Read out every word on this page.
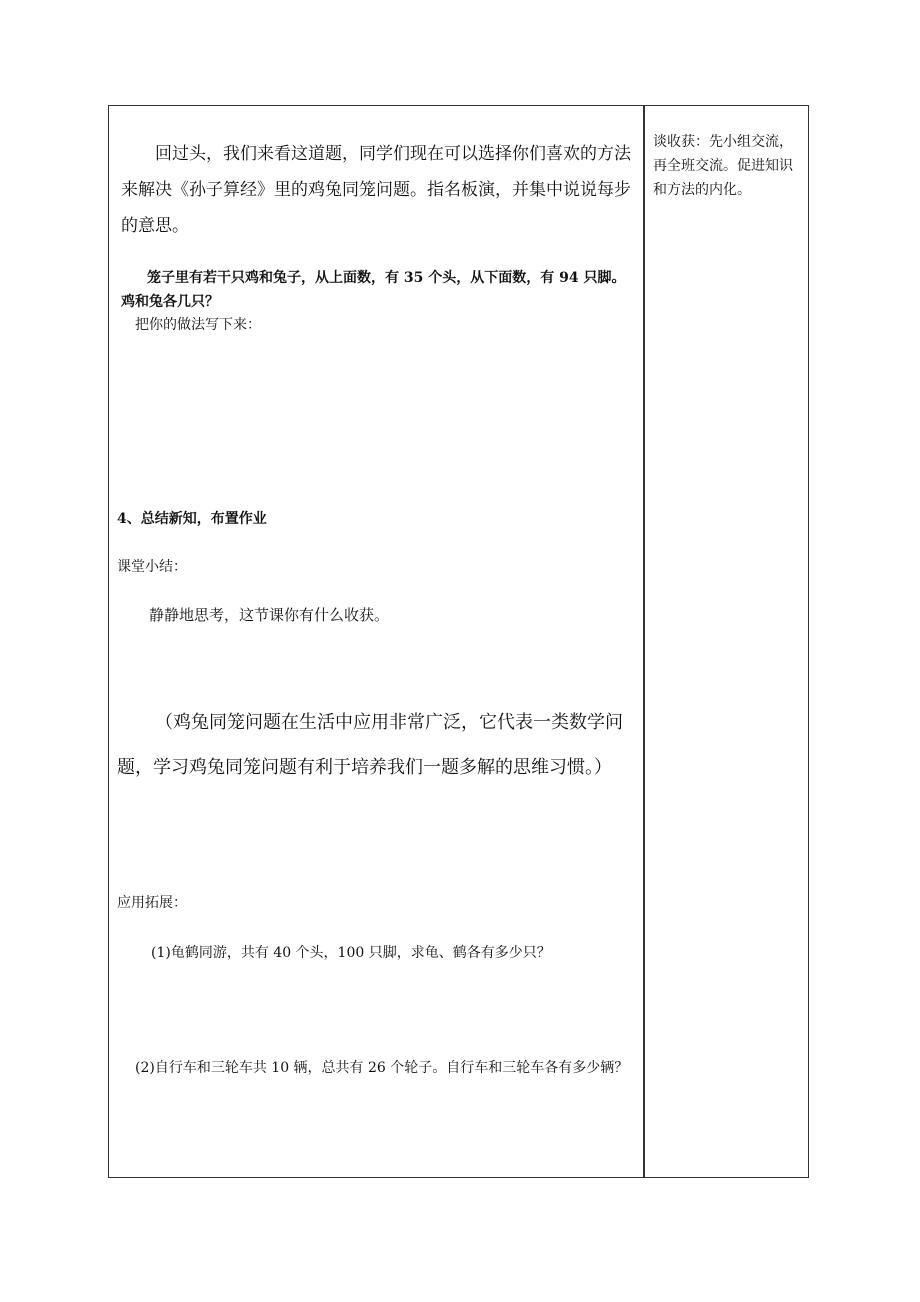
回过头，我们来看这道题，同学们现在可以选择你们喜欢的方法来解决《孙子算经》里的鸡兔同笼问题。指名板演，并集中说说每步的意思。
笼子里有若干只鸡和兔子，从上面数，有 35 个头，从下面数，有 94 只脚。鸡和兔各几只？
把你的做法写下来：
4、总结新知，布置作业
课堂小结：
静静地思考，这节课你有什么收获。
（鸡兔同笼问题在生活中应用非常广泛，它代表一类数学问题，学习鸡兔同笼问题有利于培养我们一题多解的思维习惯。）
应用拓展：
(1)龟鹤同游，共有 40 个头，100 只脚，求龟、鹤各有多少只？
(2)自行车和三轮车共 10 辆，总共有 26 个轮子。自行车和三轮车各有多少辆？
谈收获：先小组交流，再全班交流。促进知识和方法的内化。
